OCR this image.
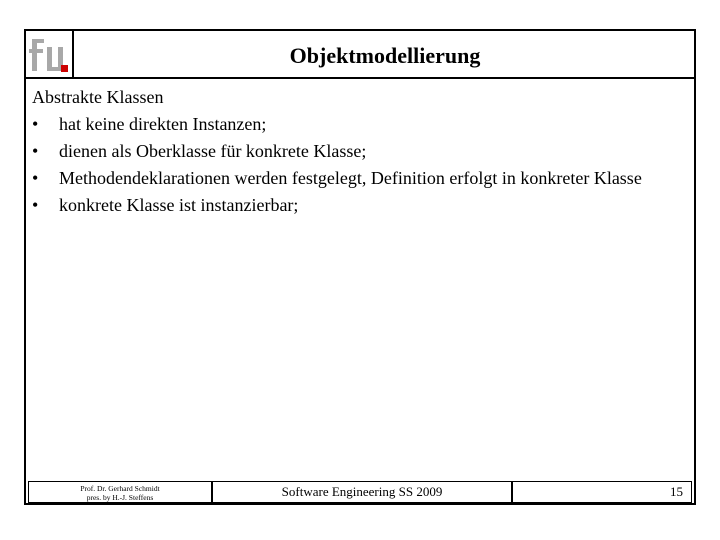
Objektmodellierung

Abstrakte Klassen

•	hat keine direkten Instanzen;
•	dienen als Oberklasse für konkrete Klasse;
•	Methodendeklarationen werden festgelegt, Definition erfolgt in konkreter Klasse
•	konkrete Klasse ist instanzierbar;
Prof. Dr. Gerhard Schmidt
pres. by H.-J. Steffens	Software Engineering SS 2009	15
